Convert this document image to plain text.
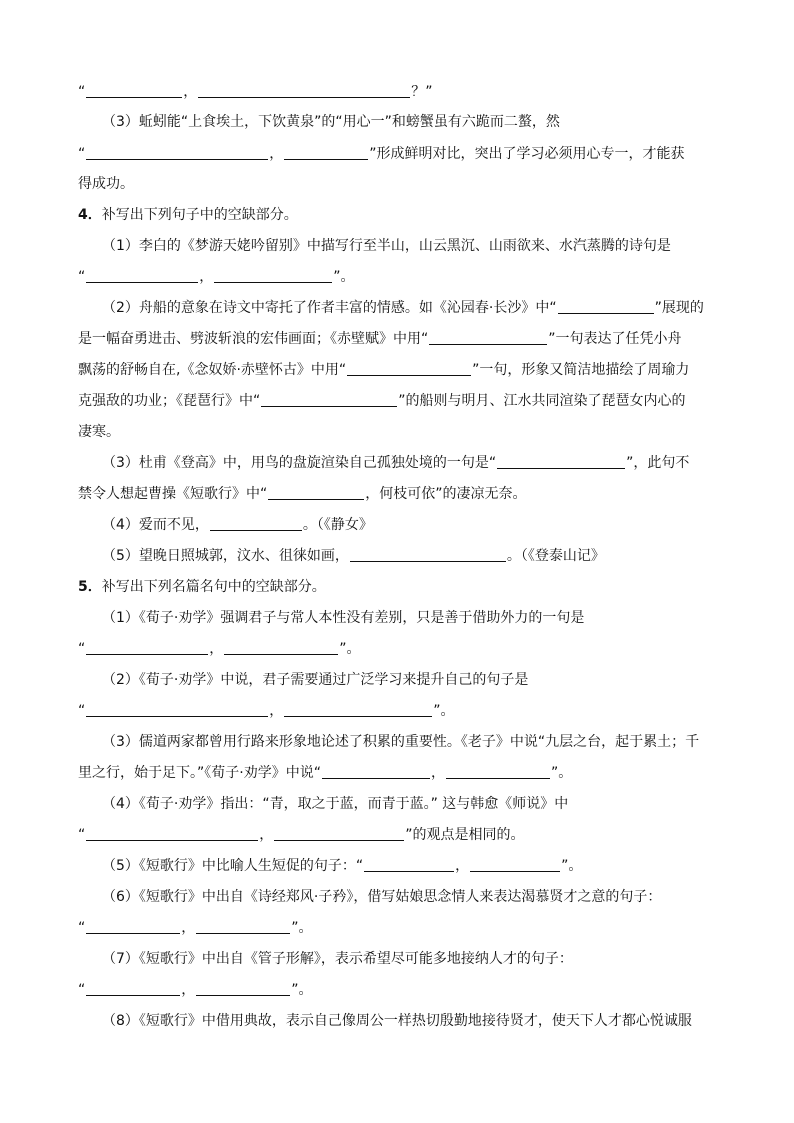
“	，	？”
（3）蚯蚓能“上食埃土，下饮黄泉”的“用心一”和螃蟹虽有六跪而二螯，然
“	，	”形成鲜明对比，突出了学习必须用心专一，才能获
得成功。
4．补写出下列句子中的空缺部分。
（1）李白的《梦游天姥吟留别》中描写行至半山，山云黑沉、山雨欲来、水汽蒸腾的诗句是
“	，	”。
（2）舟船的意象在诗文中寄托了作者丰富的情感。如《沁园春·长沙》中“	”展现的
是一幅奋勇进击、劈波斩浪的宏伟画面；《赤壁赋》中用“	”一句表达了任凭小舟
飘荡的舒畅自在,《念奴娇·赤壁怀古》中用“	”一句，形象又简洁地描绘了周瑜力
克强敌的功业；《琵琶行》中“	”的船则与明月、江水共同渲染了琵琶女内心的
凄寒。
（3）杜甫《登高》中，用鸟的盘旋渲染自己孤独处境的一句是“	”，此句不
禁令人想起曹操《短歌行》中“	，何枝可依”的凄凉无奈。
（4）爱而不见，	。（《静女》
（5）望晚日照城郭，汶水、徂徕如画，	。（《登泰山记》
5．补写出下列名篇名句中的空缺部分。
（1）《荀子·劝学》强调君子与常人本性没有差别，只是善于借助外力的一句是
“	，	”。
（2）《荀子·劝学》中说，君子需要通过广泛学习来提升自己的句子是
“	，	”。
（3）儒道两家都曾用行路来形象地论述了积累的重要性。《老子》中说“九层之台，起于累土；千
里之行，始于足下。”《荀子·劝学》中说“	，	”。
（4）《荀子·劝学》指出：“青，取之于蓝，而青于蓝。” 这与韩愈《师说》中
“	，	”的观点是相同的。
（5）《短歌行》中比喻人生短促的句子：“	，	”。
（6）《短歌行》中出自《诗经郑风·子矜》，借写姑娘思念情人来表达渴慕贤才之意的句子：
“	，	”。
（7）《短歌行》中出自《管子形解》，表示希望尽可能多地接纳人才的句子：
“	，	”。
（8）《短歌行》中借用典故，表示自己像周公一样热切殷勤地接待贤才，使天下人才都心悦诚服
